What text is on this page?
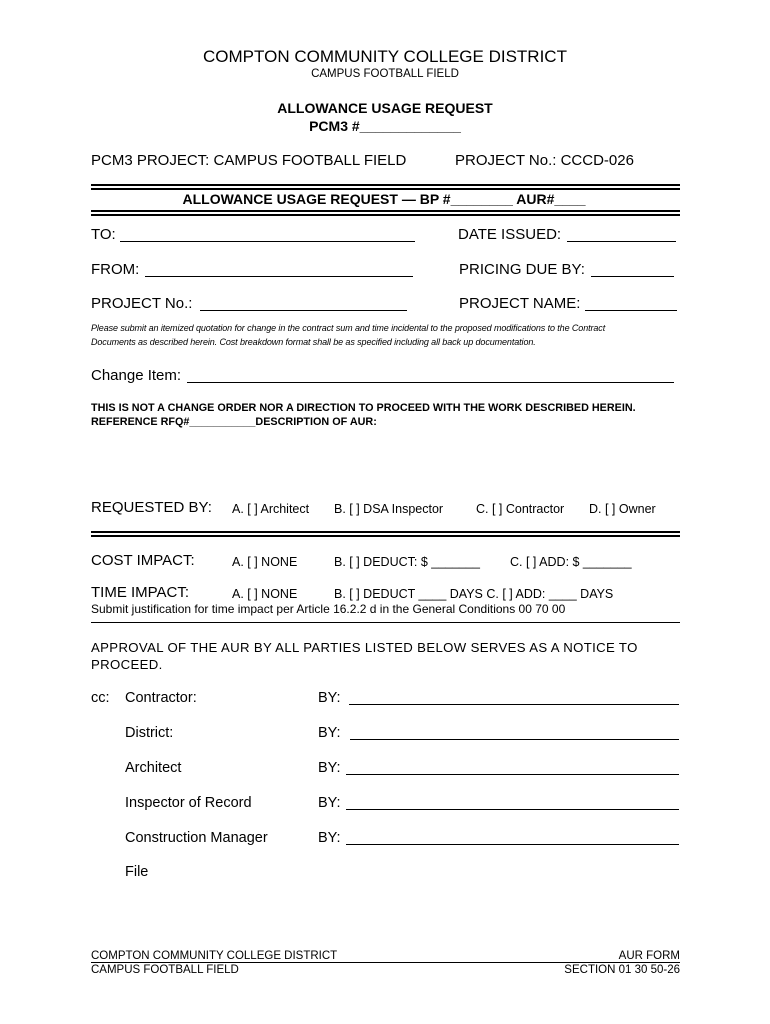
COMPTON COMMUNITY COLLEGE DISTRICT
CAMPUS FOOTBALL FIELD
ALLOWANCE USAGE REQUEST
PCM3 #_____________
PCM3 PROJECT: CAMPUS FOOTBALL FIELD	PROJECT No.: CCCD-026
ALLOWANCE USAGE REQUEST — BP #________ AUR#____
TO:	DATE ISSUED:
FROM:	PRICING DUE BY:
PROJECT No.:	PROJECT NAME:
Please submit an itemized quotation for change in the contract sum and time incidental to the proposed modifications to the Contract
Documents as described herein. Cost breakdown format shall be as specified including all back up documentation.
Change Item:
THIS IS NOT A CHANGE ORDER NOR A DIRECTION TO PROCEED WITH THE WORK DESCRIBED HEREIN.
REFERENCE RFQ#___________DESCRIPTION OF AUR:
REQUESTED BY: A. [ ] Architect B. [ ] DSA Inspector	C. [ ] Contractor D. [ ] Owner
COST IMPACT:	A. [ ] NONE	B. [ ] DEDUCT: $ _______ C. [ ] ADD: $ _______
TIME IMPACT:	A. [ ] NONE	B. [ ] DEDUCT ____ DAYS C. [ ] ADD: ____ DAYS
Submit justification for time impact per Article 16.2.2 d in the General Conditions 00 70 00
APPROVAL OF THE AUR BY ALL PARTIES LISTED BELOW SERVES AS A NOTICE TO
PROCEED.
cc: Contractor:	BY:
District:	BY:
Architect	BY:
Inspector of Record	BY:
Construction Manager	BY:
File
COMPTON COMMUNITY COLLEGE DISTRICT	AUR FORM
CAMPUS FOOTBALL FIELD	SECTION 01 30 50-26
